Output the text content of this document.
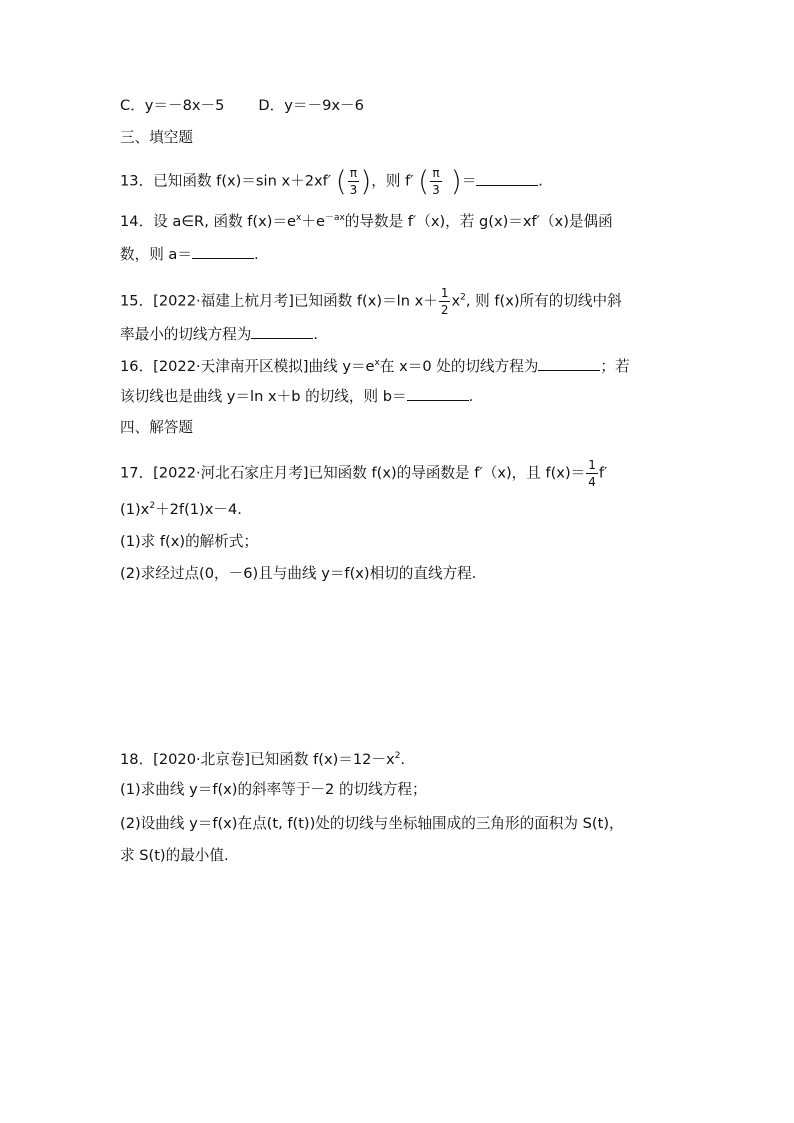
C．y＝－8x－5 D．y＝－9x－6
三、填空题
13．已知函数 f(x)＝sin x＋2xf′ ( $\frac{\pi}{3}$ )，则 f′ ( $\frac{\pi}{3}$ )＝	.
14．设 a∈R, 函数 $f(x)=e^x+e^{-ax}$的导数是 f′（x)，若 g(x)＝xf′（x)是偶函
数，则 a＝	.
15．[2022·福建上杭月考]已知函数 f(x)＝ln $x+ \frac{1}{2} x^2$, 则 f(x)所有的切线中斜
率最小的切线方程为	.
16．[2022·天津南开区模拟]曲线 $y=e^x$在 x＝0 处的切线方程为	；若
该切线也是曲线 y＝ln x＋b 的切线，则 b＝	.
四、解答题
17．[2022·河北石家庄月考]已知函数 f(x)的导函数是 f′（x)，且 $f(x)= \frac{1}{4} f'$
$(1)x^2+2f(1)x-4$.
(1)求 f(x)的解析式；
(2)求经过点(0，－6)且与曲线 y＝f(x)相切的直线方程.
18．[2020·北京卷]已知函数 $f(x)=12-x^2$.
(1)求曲线 y＝f(x)的斜率等于－2 的切线方程；
(2)设曲线 y＝f(x)在点(t, f(t))处的切线与坐标轴围成的三角形的面积为 S(t)，
求 S(t)的最小值.
